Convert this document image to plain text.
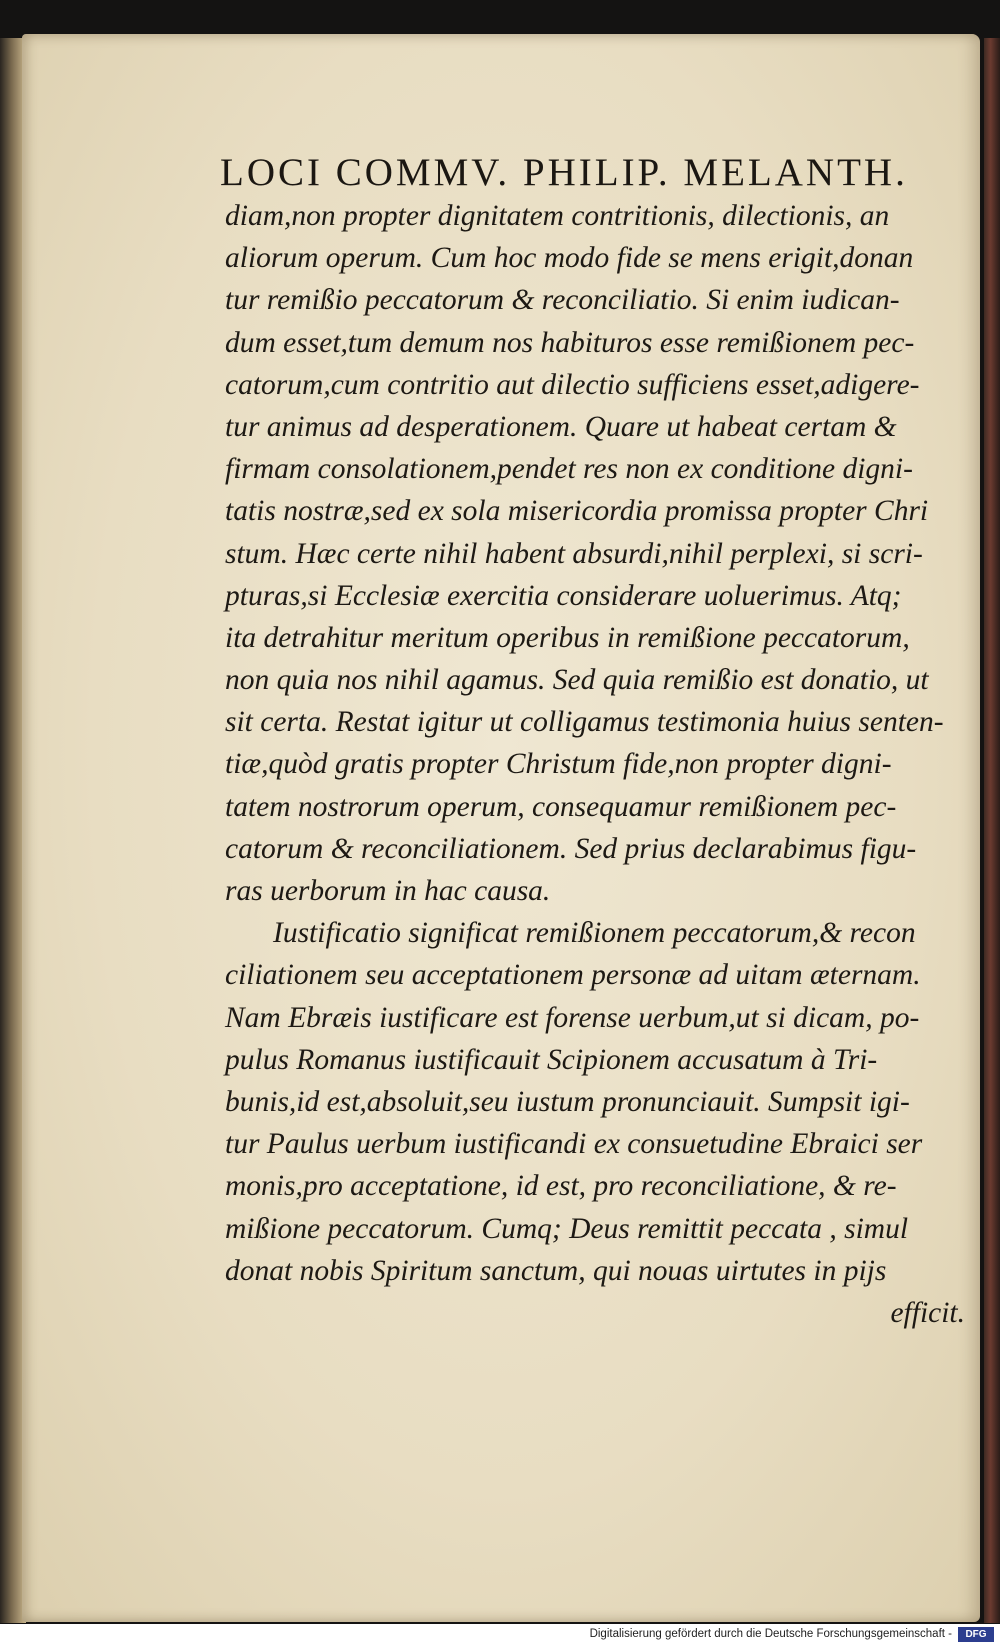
LOCI COMMV. PHILIP. MELANTH.
diam,non propter dignitatem contritionis, dilectionis, an
aliorum operum. Cum hoc modo fide se mens erigit,donan
tur remißio peccatorum & reconciliatio. Si enim iudican-
dum esset,tum demum nos habituros esse remißionem pec-
catorum,cum contritio aut dilectio sufficiens esset,adigere-
tur animus ad desperationem. Quare ut habeat certam &
firmam consolationem,pendet res non ex conditione digni-
tatis nostræ,sed ex sola misericordia promissa propter Chri
stum. Hæc certe nihil habent absurdi,nihil perplexi, si scri-
pturas,si Ecclesiæ exercitia considerare uoluerimus. Atq;
ita detrahitur meritum operibus in remißione peccatorum,
non quia nos nihil agamus. Sed quia remißio est donatio, ut
sit certa. Restat igitur ut colligamus testimonia huius senten-
tiæ,quòd gratis propter Christum fide,non propter digni-
tatem nostrorum operum, consequamur remißionem pec-
catorum & reconciliationem. Sed prius declarabimus figu-
ras uerborum in hac causa.
Iustificatio significat remißionem peccatorum,& recon
ciliationem seu acceptationem personæ ad uitam æternam.
Nam Ebræis iustificare est forense uerbum,ut si dicam, po-
pulus Romanus iustificauit Scipionem accusatum à Tri-
bunis,id est,absoluit,seu iustum pronunciauit. Sumpsit igi-
tur Paulus uerbum iustificandi ex consuetudine Ebraici ser
monis,pro acceptatione, id est, pro reconciliatione, & re-
mißione peccatorum. Cumq; Deus remittit peccata , simul
donat nobis Spiritum sanctum, qui nouas uirtutes in pijs
efficit.
Digitalisierung gefördert durch die Deutsche Forschungsgemeinschaft -	DFG
